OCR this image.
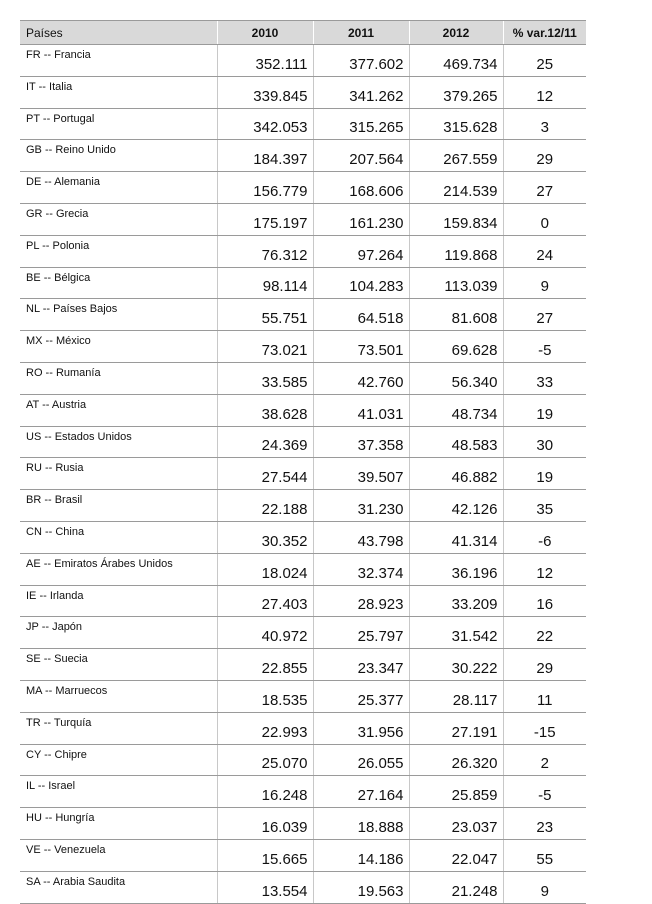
Países	2010	2011	2012	% var.12/11
FR -- Francia	352.111	377.602	469.734	25
IT -- Italia	339.845	341.262	379.265	12
PT -- Portugal	342.053	315.265	315.628	3
GB -- Reino Unido	184.397	207.564	267.559	29
DE -- Alemania	156.779	168.606	214.539	27
GR -- Grecia	175.197	161.230	159.834	0
PL -- Polonia	76.312	97.264	119.868	24
BE -- Bélgica	98.114	104.283	113.039	9
NL -- Países Bajos	55.751	64.518	81.608	27
MX -- México	73.021	73.501	69.628	-5
RO -- Rumanía	33.585	42.760	56.340	33
AT -- Austria	38.628	41.031	48.734	19
US -- Estados Unidos	24.369	37.358	48.583	30
RU -- Rusia	27.544	39.507	46.882	19
BR -- Brasil	22.188	31.230	42.126	35
CN -- China	30.352	43.798	41.314	-6
AE -- Emiratos Árabes Unidos	18.024	32.374	36.196	12
IE -- Irlanda	27.403	28.923	33.209	16
JP -- Japón	40.972	25.797	31.542	22
SE -- Suecia	22.855	23.347	30.222	29
MA -- Marruecos	18.535	25.377	28.117	11
TR -- Turquía	22.993	31.956	27.191	-15
CY -- Chipre	25.070	26.055	26.320	2
IL -- Israel	16.248	27.164	25.859	-5
HU -- Hungría	16.039	18.888	23.037	23
VE -- Venezuela	15.665	14.186	22.047	55
SA -- Arabia Saudita	13.554	19.563	21.248	9
